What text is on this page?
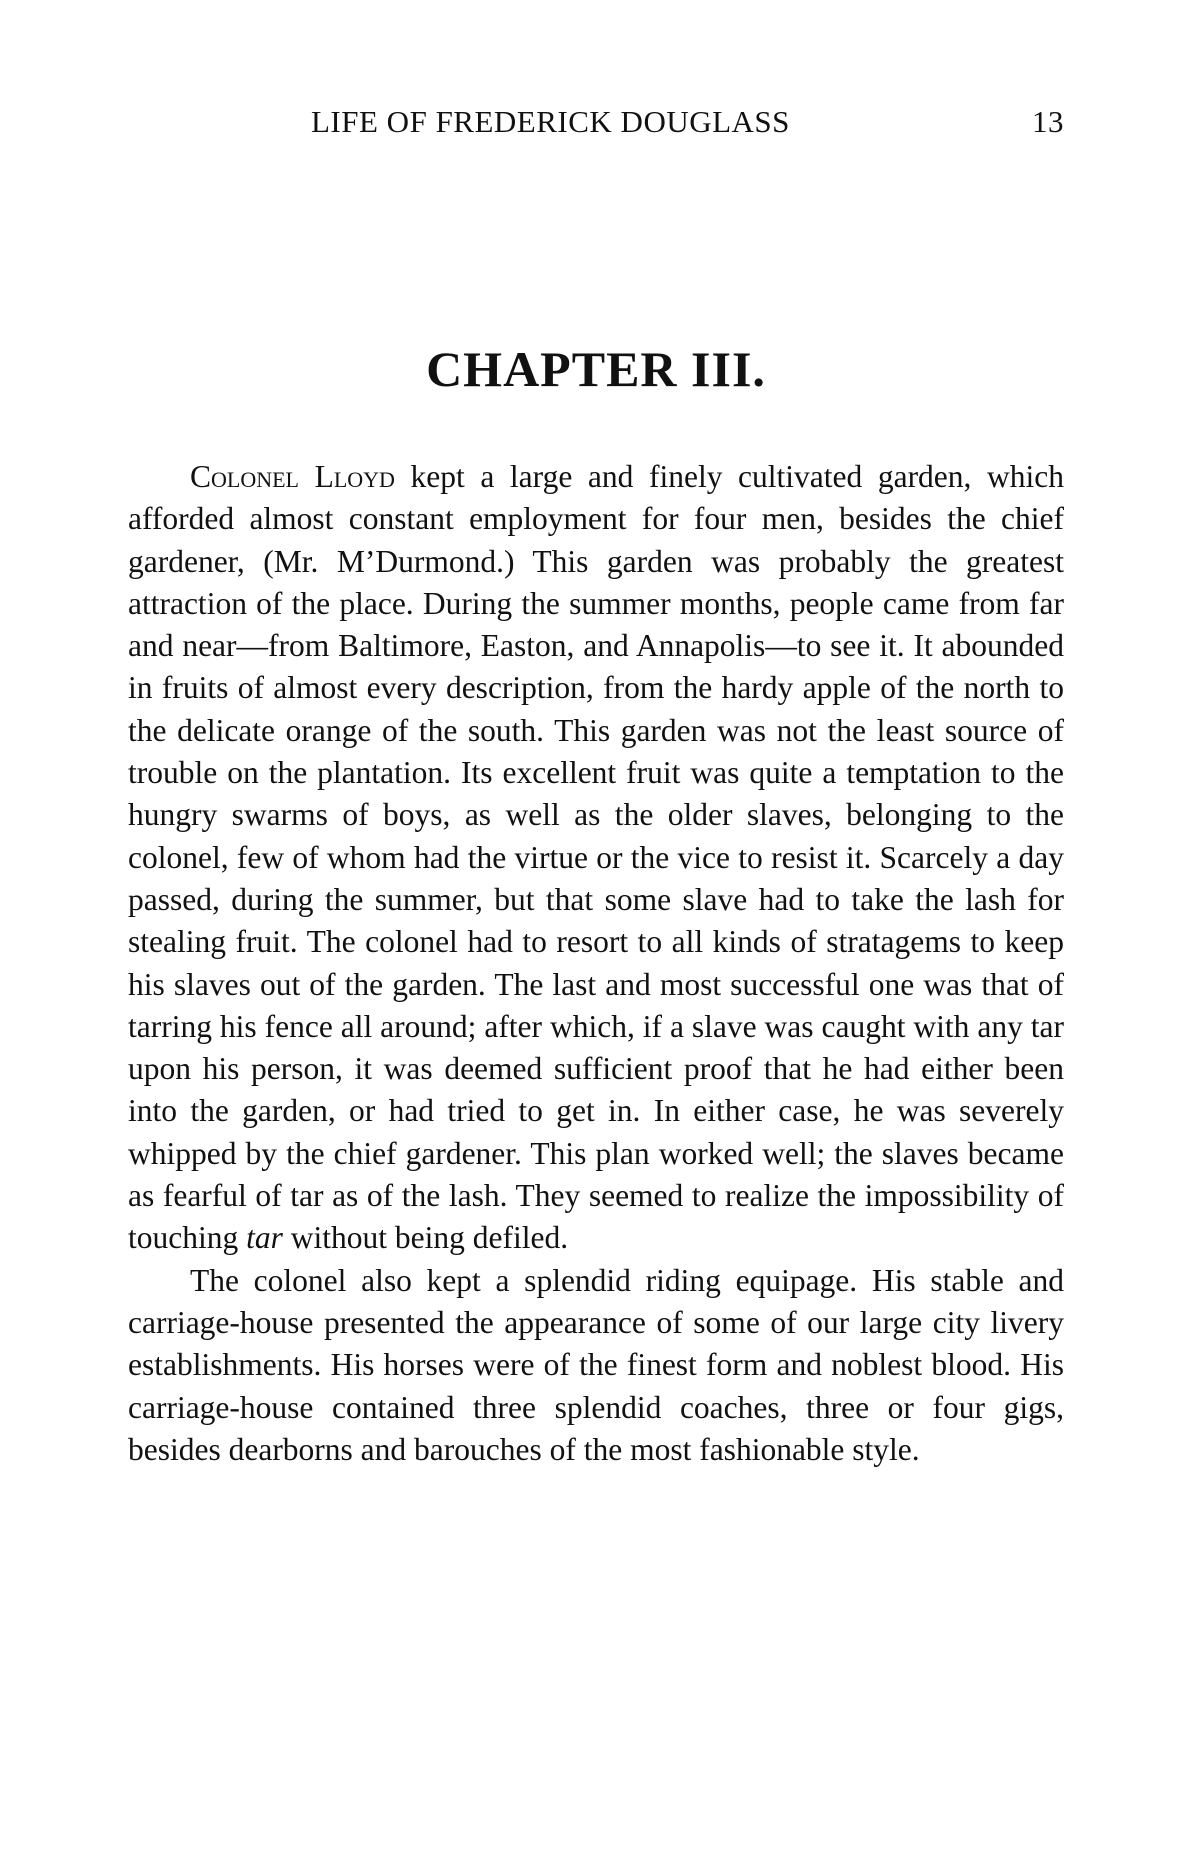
LIFE OF FREDERICK DOUGLASS	13
CHAPTER III.

Colonel Lloyd kept a large and finely cultivated garden, which afforded almost constant employment for four men, besides the chief gardener, (Mr. M’Durmond.) This garden was probably the greatest attraction of the place. During the summer months, people came from far and near—from Baltimore, Easton, and Annapolis—to see it. It abounded in fruits of almost every description, from the hardy apple of the north to the delicate orange of the south. This garden was not the least source of trouble on the plantation. Its excellent fruit was quite a temptation to the hungry swarms of boys, as well as the older slaves, belonging to the colonel, few of whom had the virtue or the vice to resist it. Scarcely a day passed, during the summer, but that some slave had to take the lash for stealing fruit. The colonel had to resort to all kinds of stratagems to keep his slaves out of the garden. The last and most successful one was that of tarring his fence all around; after which, if a slave was caught with any tar upon his person, it was deemed sufficient proof that he had either been into the garden, or had tried to get in. In either case, he was severely whipped by the chief gardener. This plan worked well; the slaves became as fearful of tar as of the lash. They seemed to realize the impossibility of touching tar without being defiled.

The colonel also kept a splendid riding equipage. His stable and carriage-house presented the appearance of some of our large city livery establishments. His horses were of the finest form and noblest blood. His carriage-house contained three splendid coaches, three or four gigs, besides dearborns and barouches of the most fashionable style.
